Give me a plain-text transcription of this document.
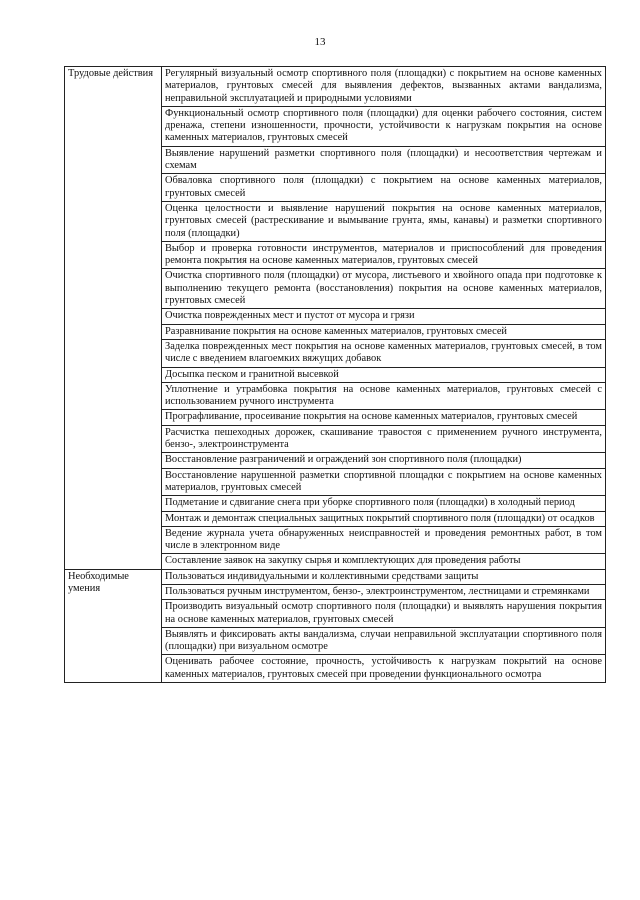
13
Трудовые действия	Регулярный визуальный осмотр спортивного поля (площадки) с покрытием на основе каменных материалов, грунтовых смесей для выявления дефектов, вызванных актами вандализма, неправильной эксплуатацией и природными условиями
	Функциональный осмотр спортивного поля (площадки) для оценки рабочего состояния, систем дренажа, степени изношенности, прочности, устойчивости к нагрузкам покрытия на основе каменных материалов, грунтовых смесей
	Выявление нарушений разметки спортивного поля (площадки) и несоответствия чертежам и схемам
	Обваловка спортивного поля (площадки) с покрытием на основе каменных материалов, грунтовых смесей
	Оценка целостности и выявление нарушений покрытия на основе каменных материалов, грунтовых смесей (растрескивание и вымывание грунта, ямы, канавы) и разметки спортивного поля (площадки)
	Выбор и проверка готовности инструментов, материалов и приспособлений для проведения ремонта покрытия на основе каменных материалов, грунтовых смесей
	Очистка спортивного поля (площадки) от мусора, листьевого и хвойного опада при подготовке к выполнению текущего ремонта (восстановления) покрытия на основе каменных материалов, грунтовых смесей
	Очистка поврежденных мест и пустот от мусора и грязи
	Разравнивание покрытия на основе каменных материалов, грунтовых смесей
	Заделка поврежденных мест покрытия на основе каменных материалов, грунтовых смесей, в том числе с введением влагоемких вяжущих добавок
	Досыпка песком и гранитной высевкой
	Уплотнение и утрамбовка покрытия на основе каменных материалов, грунтовых смесей с использованием ручного инструмента
	Прографливание, просеивание покрытия на основе каменных материалов, грунтовых смесей
	Расчистка пешеходных дорожек, скашивание травостоя с применением ручного инструмента, бензо-, электроинструмента
	Восстановление разграничений и ограждений зон спортивного поля (площадки)
	Восстановление нарушенной разметки спортивной площадки с покрытием на основе каменных материалов, грунтовых смесей
	Подметание и сдвигание снега при уборке спортивного поля (площадки) в холодный период
	Монтаж и демонтаж специальных защитных покрытий спортивного поля (площадки) от осадков
	Ведение журнала учета обнаруженных неисправностей и проведения ремонтных работ, в том числе в электронном виде
	Составление заявок на закупку сырья и комплектующих для проведения работы
Необходимые умения	Пользоваться индивидуальными и коллективными средствами защиты
	Пользоваться ручным инструментом, бензо-, электроинструментом, лестницами и стремянками
	Производить визуальный осмотр спортивного поля (площадки) и выявлять нарушения покрытия на основе каменных материалов, грунтовых смесей
	Выявлять и фиксировать акты вандализма, случаи неправильной эксплуатации спортивного поля (площадки) при визуальном осмотре
	Оценивать рабочее состояние, прочность, устойчивость к нагрузкам покрытий на основе каменных материалов, грунтовых смесей при проведении функционального осмотра
